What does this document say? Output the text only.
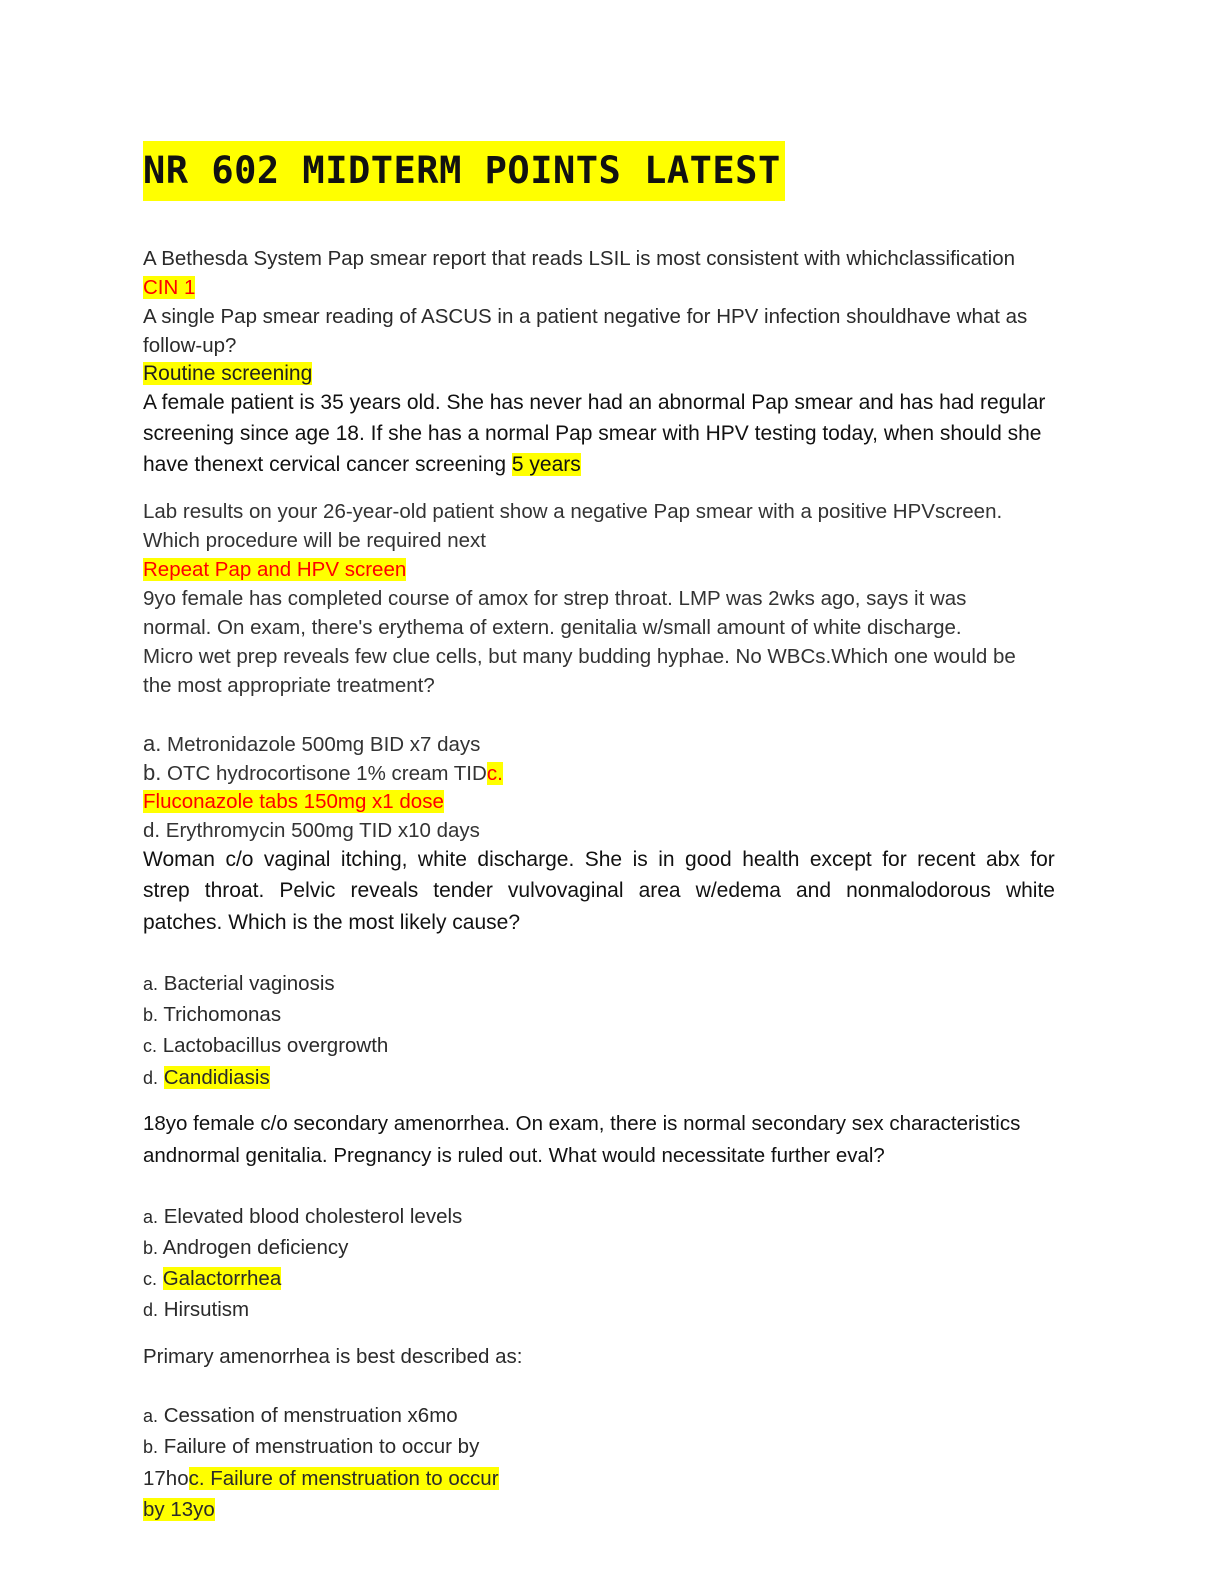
NR 602 MIDTERM POINTS LATEST
A Bethesda System Pap smear report that reads LSIL is most consistent with whichclassification
CIN 1
A single Pap smear reading of ASCUS in a patient negative for HPV infection shouldhave what as
follow-up?
Routine screening
A female patient is 35 years old. She has never had an abnormal Pap smear and has had regular
screening since age 18. If she has a normal Pap smear with HPV testing today, when should she
have thenext cervical cancer screening 5 years
Lab results on your 26-year-old patient show a negative Pap smear with a positive HPVscreen.
Which procedure will be required next
Repeat Pap and HPV screen
9yo female has completed course of amox for strep throat. LMP was 2wks ago, says it was
normal. On exam, there's erythema of extern. genitalia w/small amount of white discharge.
Micro wet prep reveals few clue cells, but many budding hyphae. No WBCs.Which one would be
the most appropriate treatment?
a. Metronidazole 500mg BID x7 days
b. OTC hydrocortisone 1% cream TIDc.
Fluconazole tabs 150mg x1 dose
d. Erythromycin 500mg TID x10 days
Woman c/o vaginal itching, white discharge. She is in good health except for recent abx for
strep throat. Pelvic reveals tender vulvovaginal area w/edema and nonmalodorous white
patches. Which is the most likely cause?
a. Bacterial vaginosis
b. Trichomonas
c. Lactobacillus overgrowth
d. Candidiasis
18yo female c/o secondary amenorrhea. On exam, there is normal secondary sex characteristics
andnormal genitalia. Pregnancy is ruled out. What would necessitate further eval?
a. Elevated blood cholesterol levels
b. Androgen deficiency
c. Galactorrhea
d. Hirsutism
Primary amenorrhea is best described as:
a. Cessation of menstruation x6mo
b. Failure of menstruation to occur by
17hoc. Failure of menstruation to occur
by 13yo
